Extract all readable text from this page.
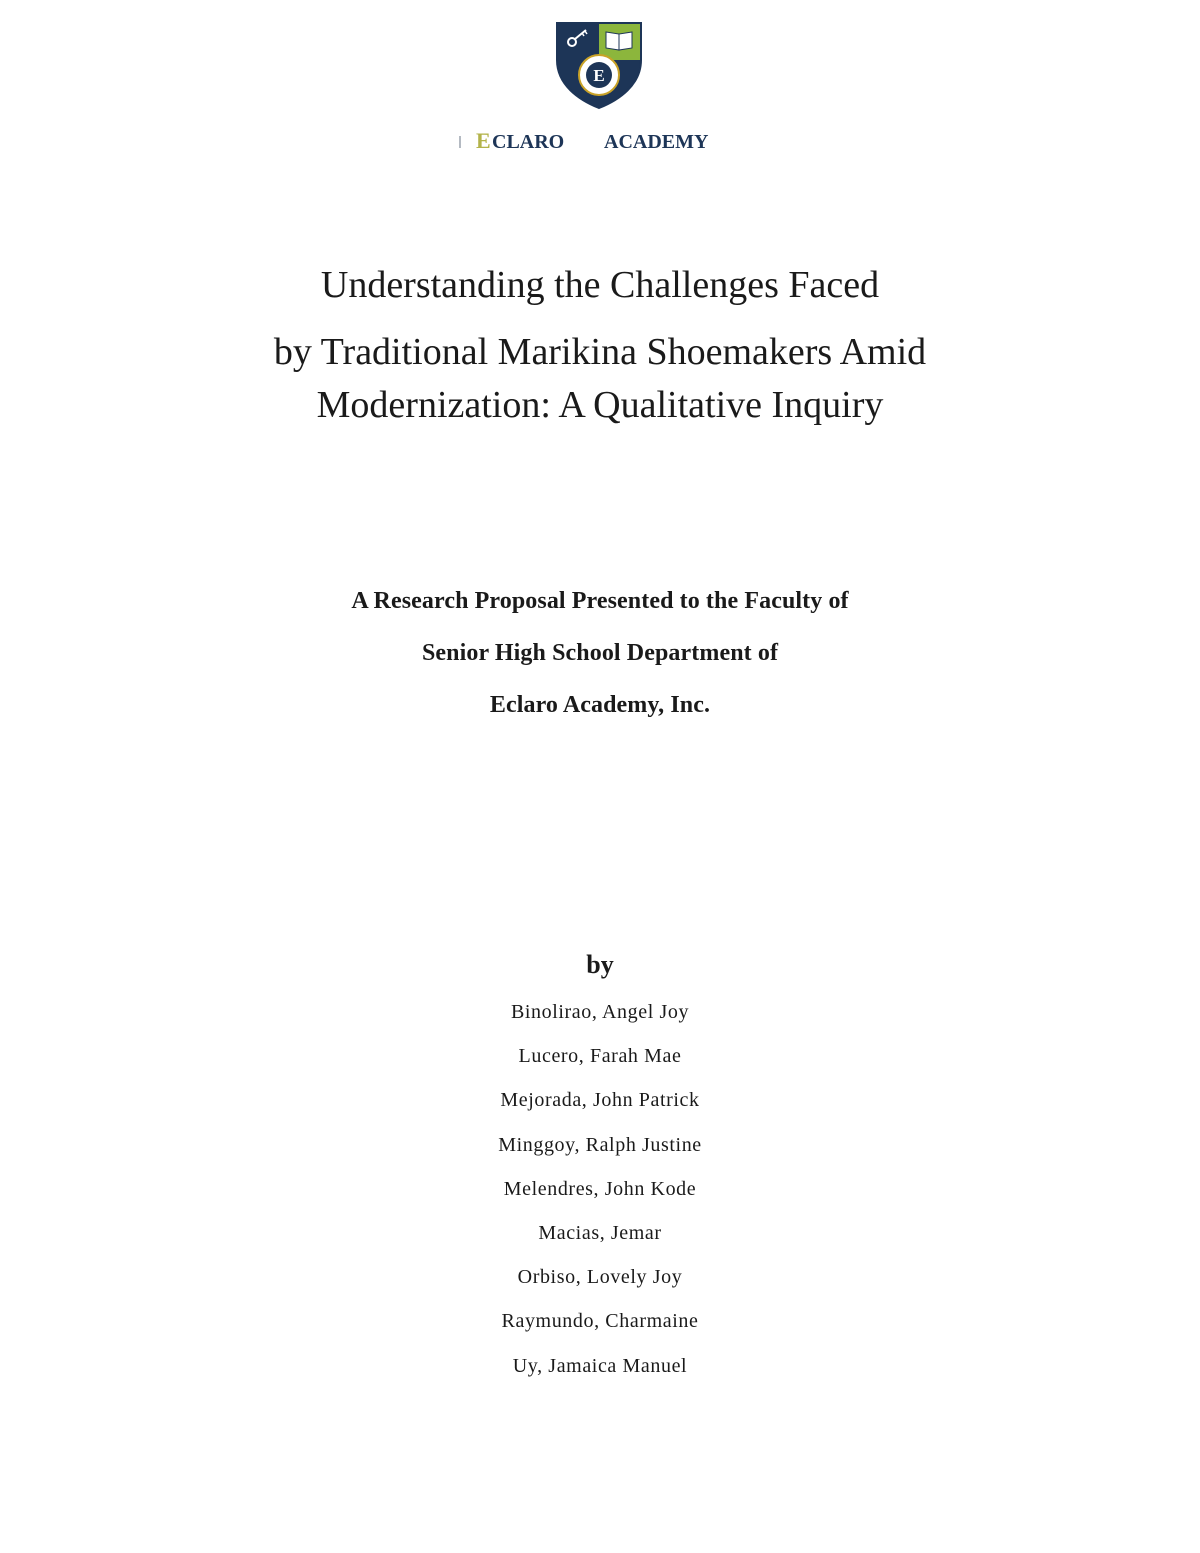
E
E CLARO ACADEMY
Understanding the Challenges Faced
by Traditional Marikina Shoemakers Amid
Modernization: A Qualitative Inquiry
A Research Proposal Presented to the Faculty of
Senior High School Department of
Eclaro Academy, Inc.
by
Binolirao, Angel Joy
Lucero, Farah Mae
Mejorada, John Patrick
Minggoy, Ralph Justine
Melendres, John Kode
Macias, Jemar
Orbiso, Lovely Joy
Raymundo, Charmaine
Uy, Jamaica Manuel
